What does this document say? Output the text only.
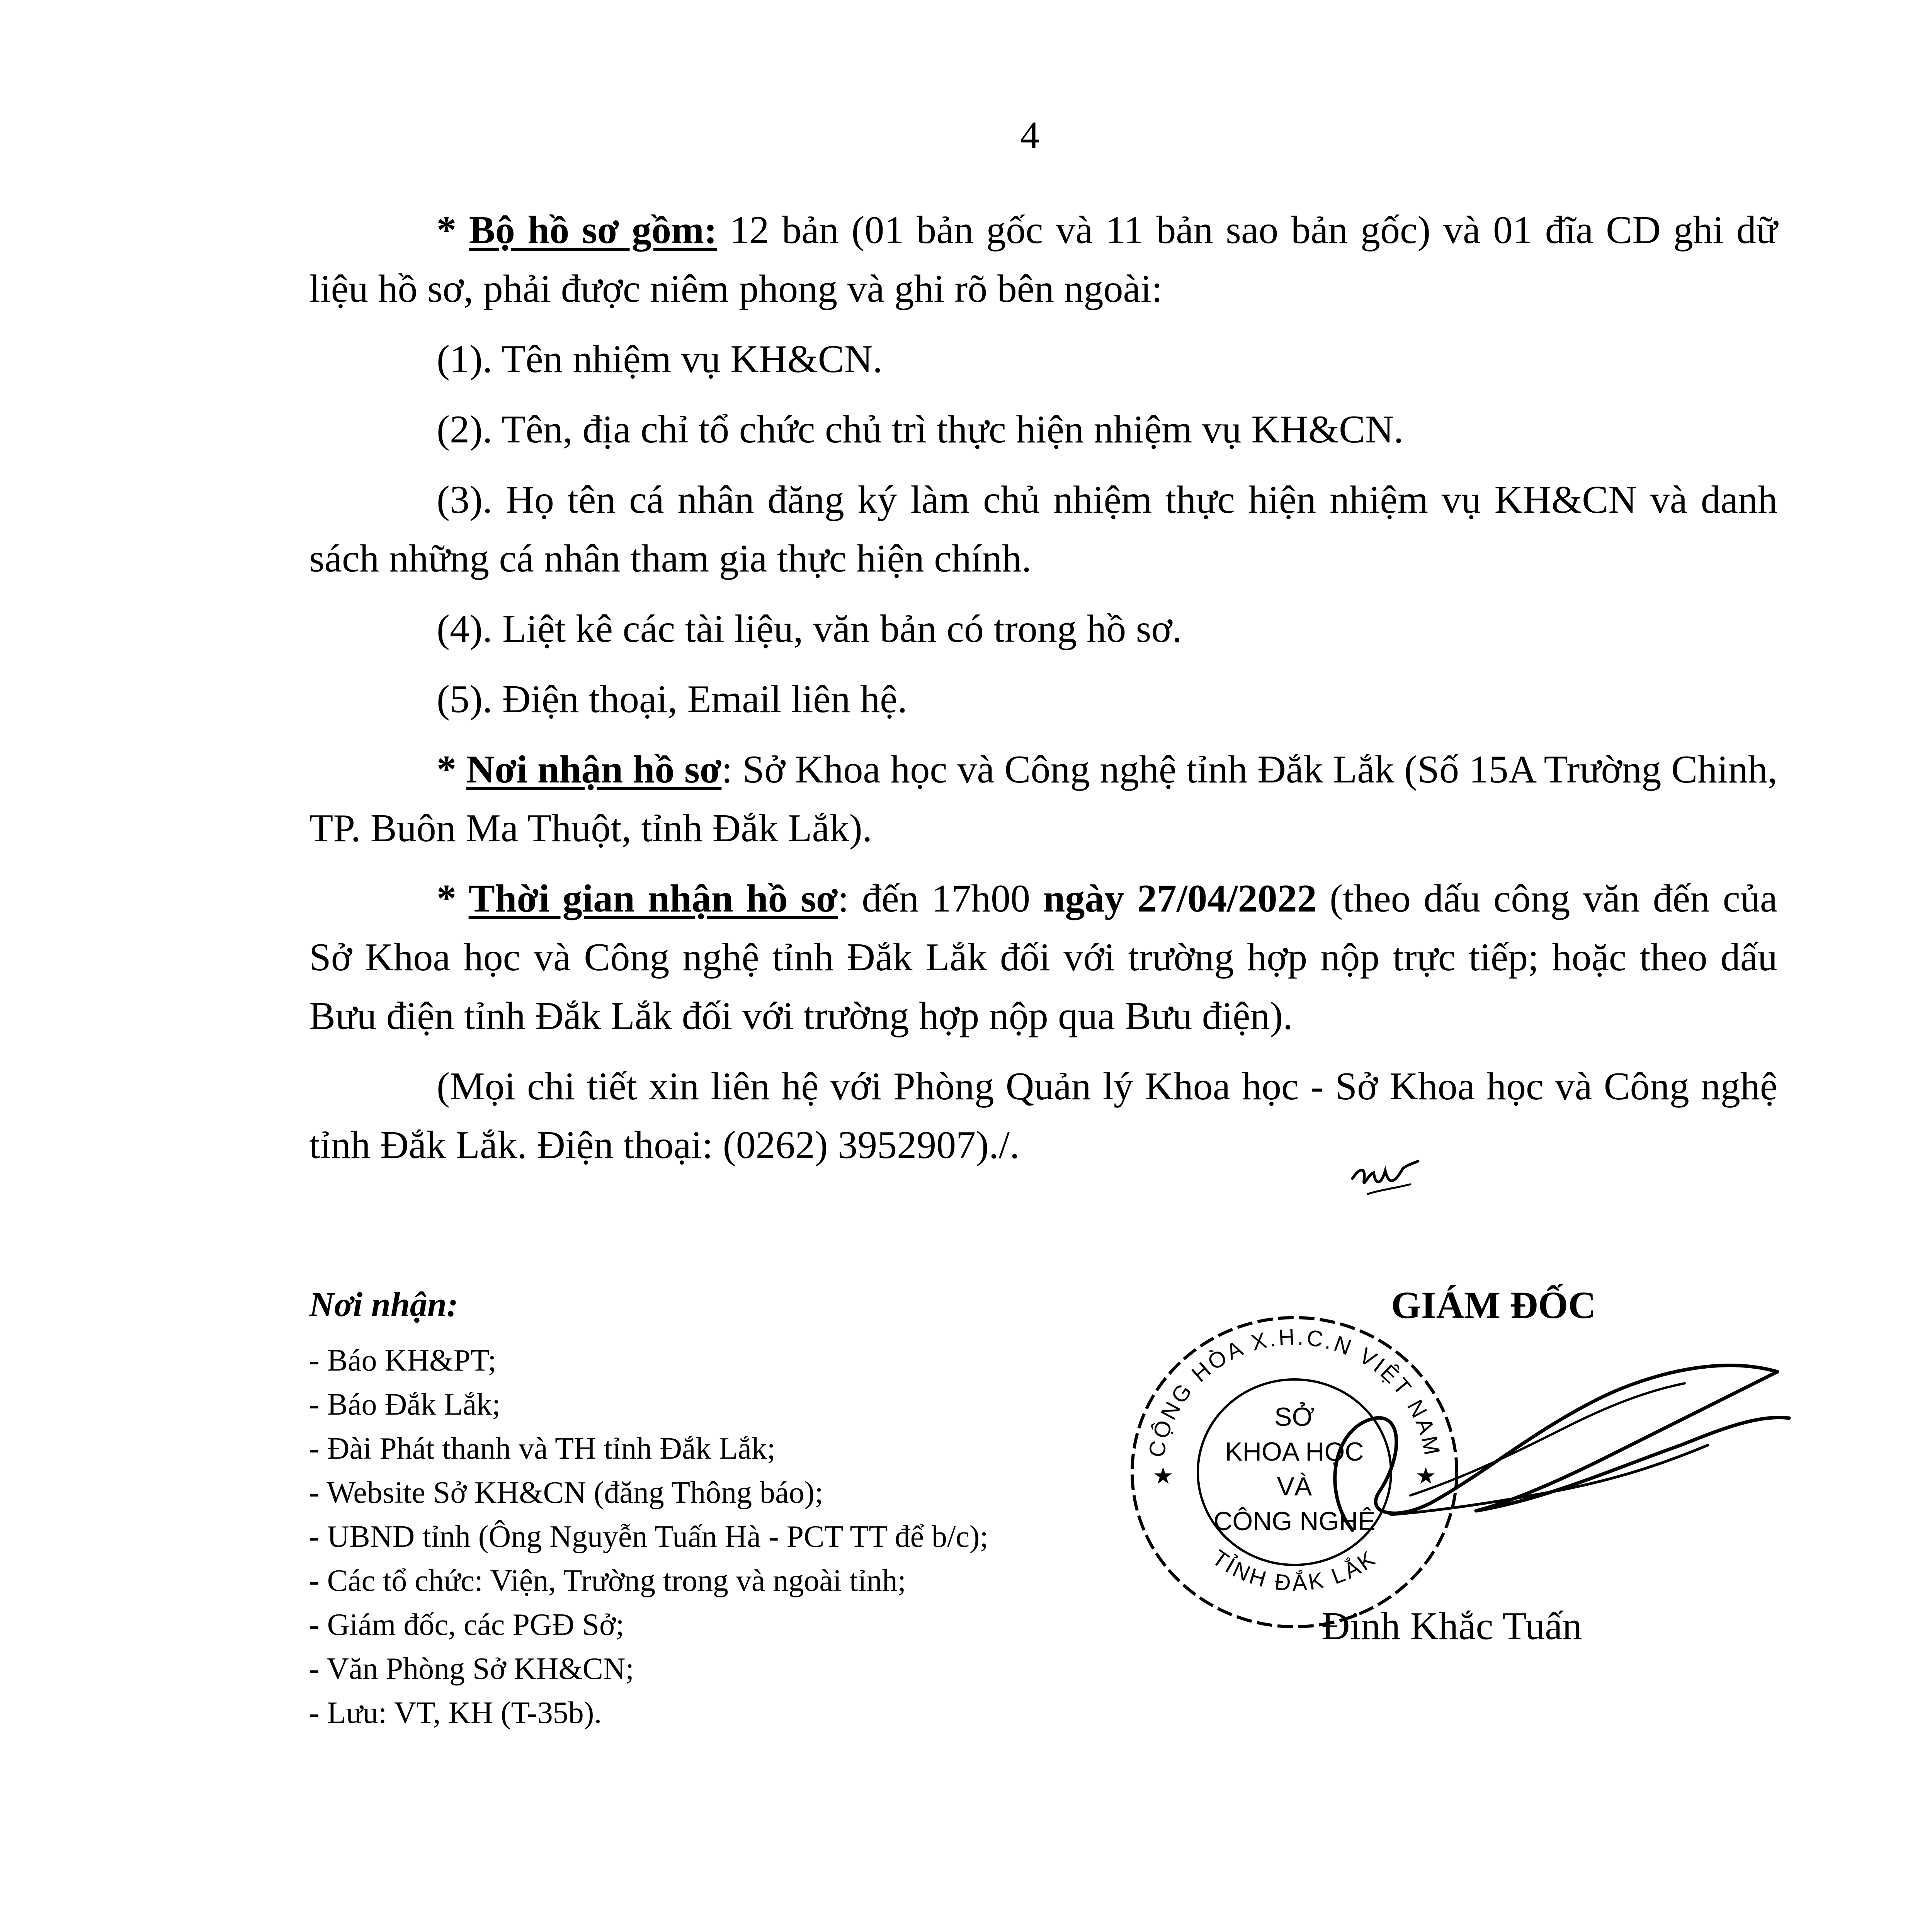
4

* Bộ hồ sơ gồm: 12 bản (01 bản gốc và 11 bản sao bản gốc) và 01 đĩa CD ghi dữ liệu hồ sơ, phải được niêm phong và ghi rõ bên ngoài:

(1). Tên nhiệm vụ KH&CN.

(2). Tên, địa chỉ tổ chức chủ trì thực hiện nhiệm vụ KH&CN.

(3). Họ tên cá nhân đăng ký làm chủ nhiệm thực hiện nhiệm vụ KH&CN và danh sách những cá nhân tham gia thực hiện chính.

(4). Liệt kê các tài liệu, văn bản có trong hồ sơ.

(5). Điện thoại, Email liên hệ.

* Nơi nhận hồ sơ: Sở Khoa học và Công nghệ tỉnh Đắk Lắk (Số 15A Trường Chinh, TP. Buôn Ma Thuột, tỉnh Đắk Lắk).

* Thời gian nhận hồ sơ: đến 17h00 ngày 27/04/2022 (theo dấu công văn đến của Sở Khoa học và Công nghệ tỉnh Đắk Lắk đối với trường hợp nộp trực tiếp; hoặc theo dấu Bưu điện tỉnh Đắk Lắk đối với trường hợp nộp qua Bưu điện).

(Mọi chi tiết xin liên hệ với Phòng Quản lý Khoa học - Sở Khoa học và Công nghệ tỉnh Đắk Lắk. Điện thoại: (0262) 3952907)./.

Nơi nhận:
- Báo KH&PT;
- Báo Đắk Lắk;
- Đài Phát thanh và TH tỉnh Đắk Lắk;
- Website Sở KH&CN (đăng Thông báo);
- UBND tỉnh (Ông Nguyễn Tuấn Hà - PCT TT để b/c);
- Các tổ chức: Viện, Trường trong và ngoài tỉnh;
- Giám đốc, các PGĐ Sở;
- Văn Phòng Sở KH&CN;
- Lưu: VT, KH (T-35b).
GIÁM ĐỐC
CỘNG HÒA X.H.C.N VIỆT NAM
TỈNH ĐẮK LẮK
★	★
SỞ
KHOA HỌC
VÀ
CÔNG NGHỆ
Đinh Khắc Tuấn
